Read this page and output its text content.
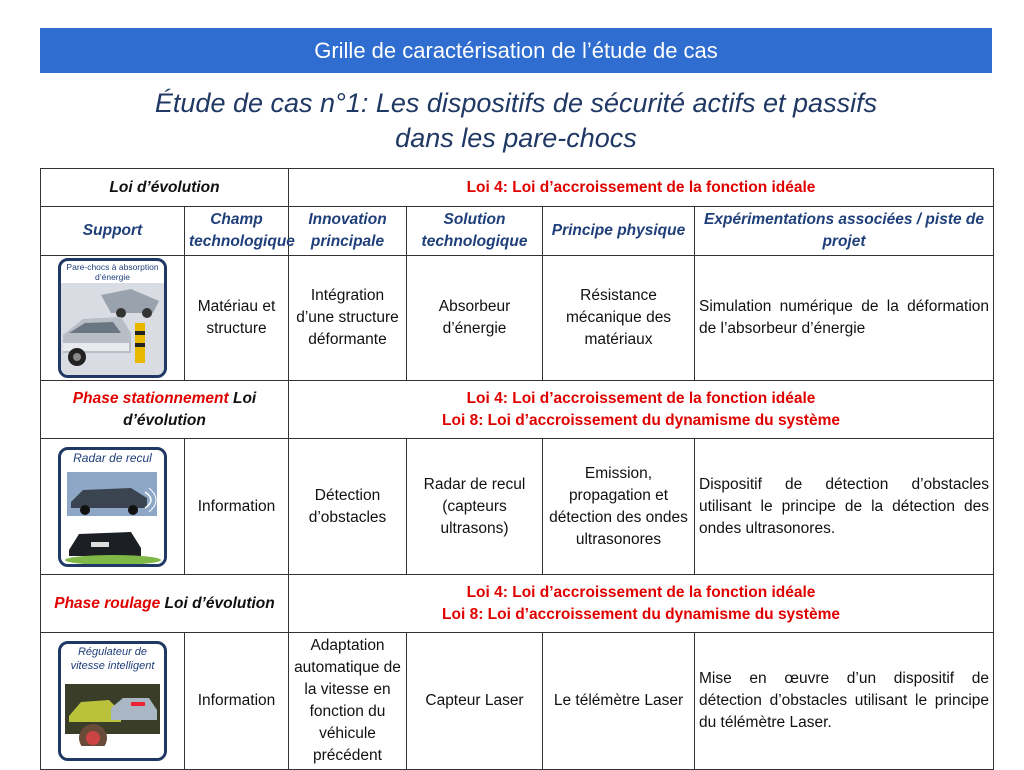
Grille de caractérisation de l’étude de cas
Étude de cas n°1: Les dispositifs de sécurité actifs et passifs
dans les pare-chocs
Loi d’évolution		Loi 4: Loi d’accroissement de la fonction idéale			

Support	Champ technologique	Innovation principale	Solution technologique	Principe physique	Expérimentations associées / piste de projet

Pare-chocs à absorption d’énergie	Matériau et structure	Intégration d’une structure déformante	Absorbeur d’énergie	Résistance mécanique des matériaux	Simulation numérique de la déformation de l’absorbeur d’énergie
Phase stationnement Loi d’évolution		Loi 4: Loi d’accroissement de la fonction idéale
Loi 8: Loi d’accroissement du dynamisme du système			

Radar de recul	Information	Détection d’obstacles	Radar de recul (capteurs ultrasons)	Emission, propagation et détection des ondes ultrasonores	Dispositif de détection d’obstacles utilisant le principe de la détection des ondes ultrasonores.
Phase roulage Loi d’évolution		Loi 4: Loi d’accroissement de la fonction idéale
Loi 8: Loi d’accroissement du dynamisme du système			

Régulateur de vitesse intelligent	Information	Adaptation automatique de la vitesse en fonction du véhicule précédent	Capteur Laser	Le télémètre Laser	Mise en œuvre d’un dispositif de détection d’obstacles utilisant le principe du télémètre Laser.
